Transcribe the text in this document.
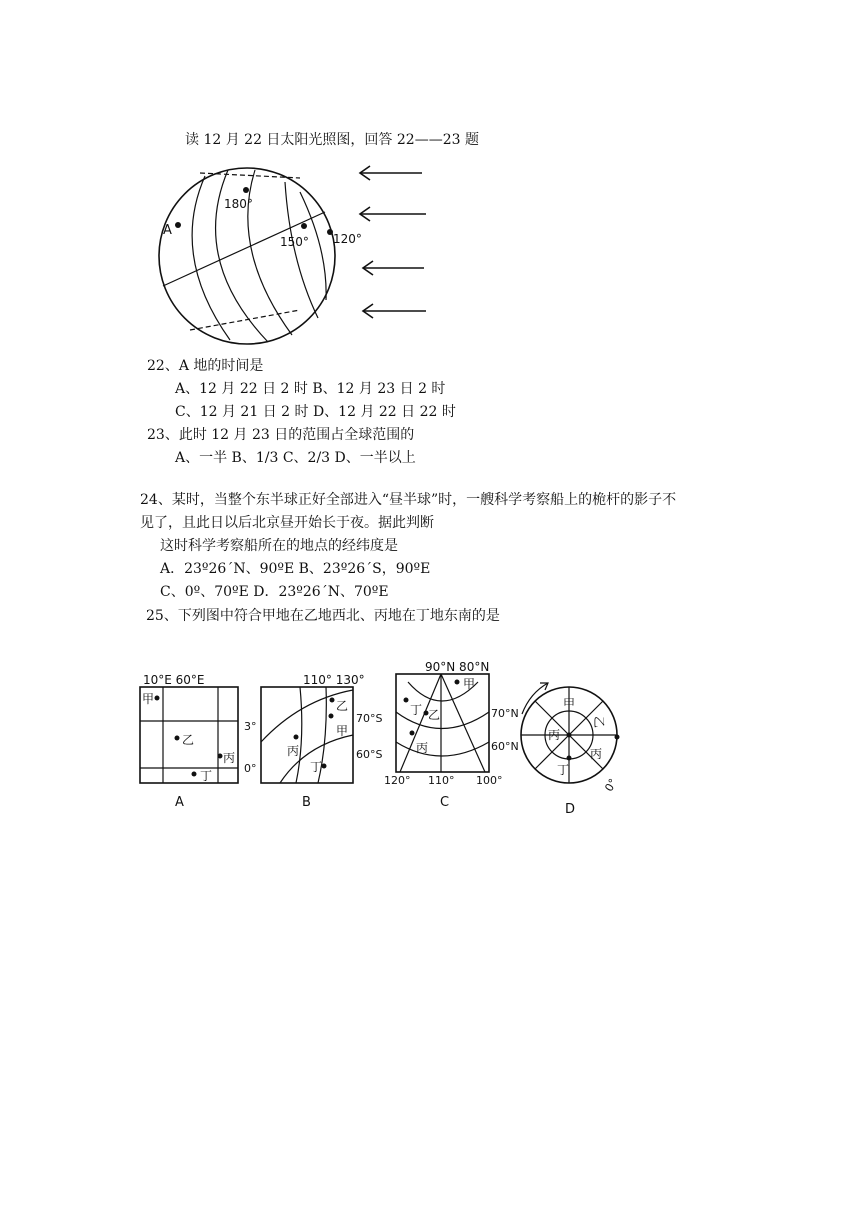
读 12 月 22 日太阳光照图，回答 22——23 题
A
180°
150° 120°
22、A 地的时间是
A、12 月 22 日 2 时 B、12 月 23 日 2 时
C、12 月 21 日 2 时 D、12 月 22 日 22 时
23、此时 12 月 23 日的范围占全球范围的
A、一半 B、1/3 C、2/3 D、一半以上
24、某时，当整个东半球正好全部进入“昼半球”时，一艘科学考察船上的桅杆的影子不
见了，且此日以后北京昼开始长于夜。据此判断
这时科学考察船所在的地点的经纬度是
A．23º26´N、90ºE B、23º26´S，90ºE
C、0º、70ºE D．23º26´N、70ºE
25、下列图中符合甲地在乙地西北、丙地在丁地东南的是
10°E 60°E
3°
0°
甲
乙
丙
丁
A
110° 130°
70°S
60°S
乙
甲
丙
丁
B
90°N 80°N
70°N
60°N
120° 110° 100°
甲
丁 乙
丙
C
甲
乙
丙
丙
丁
0°
D
